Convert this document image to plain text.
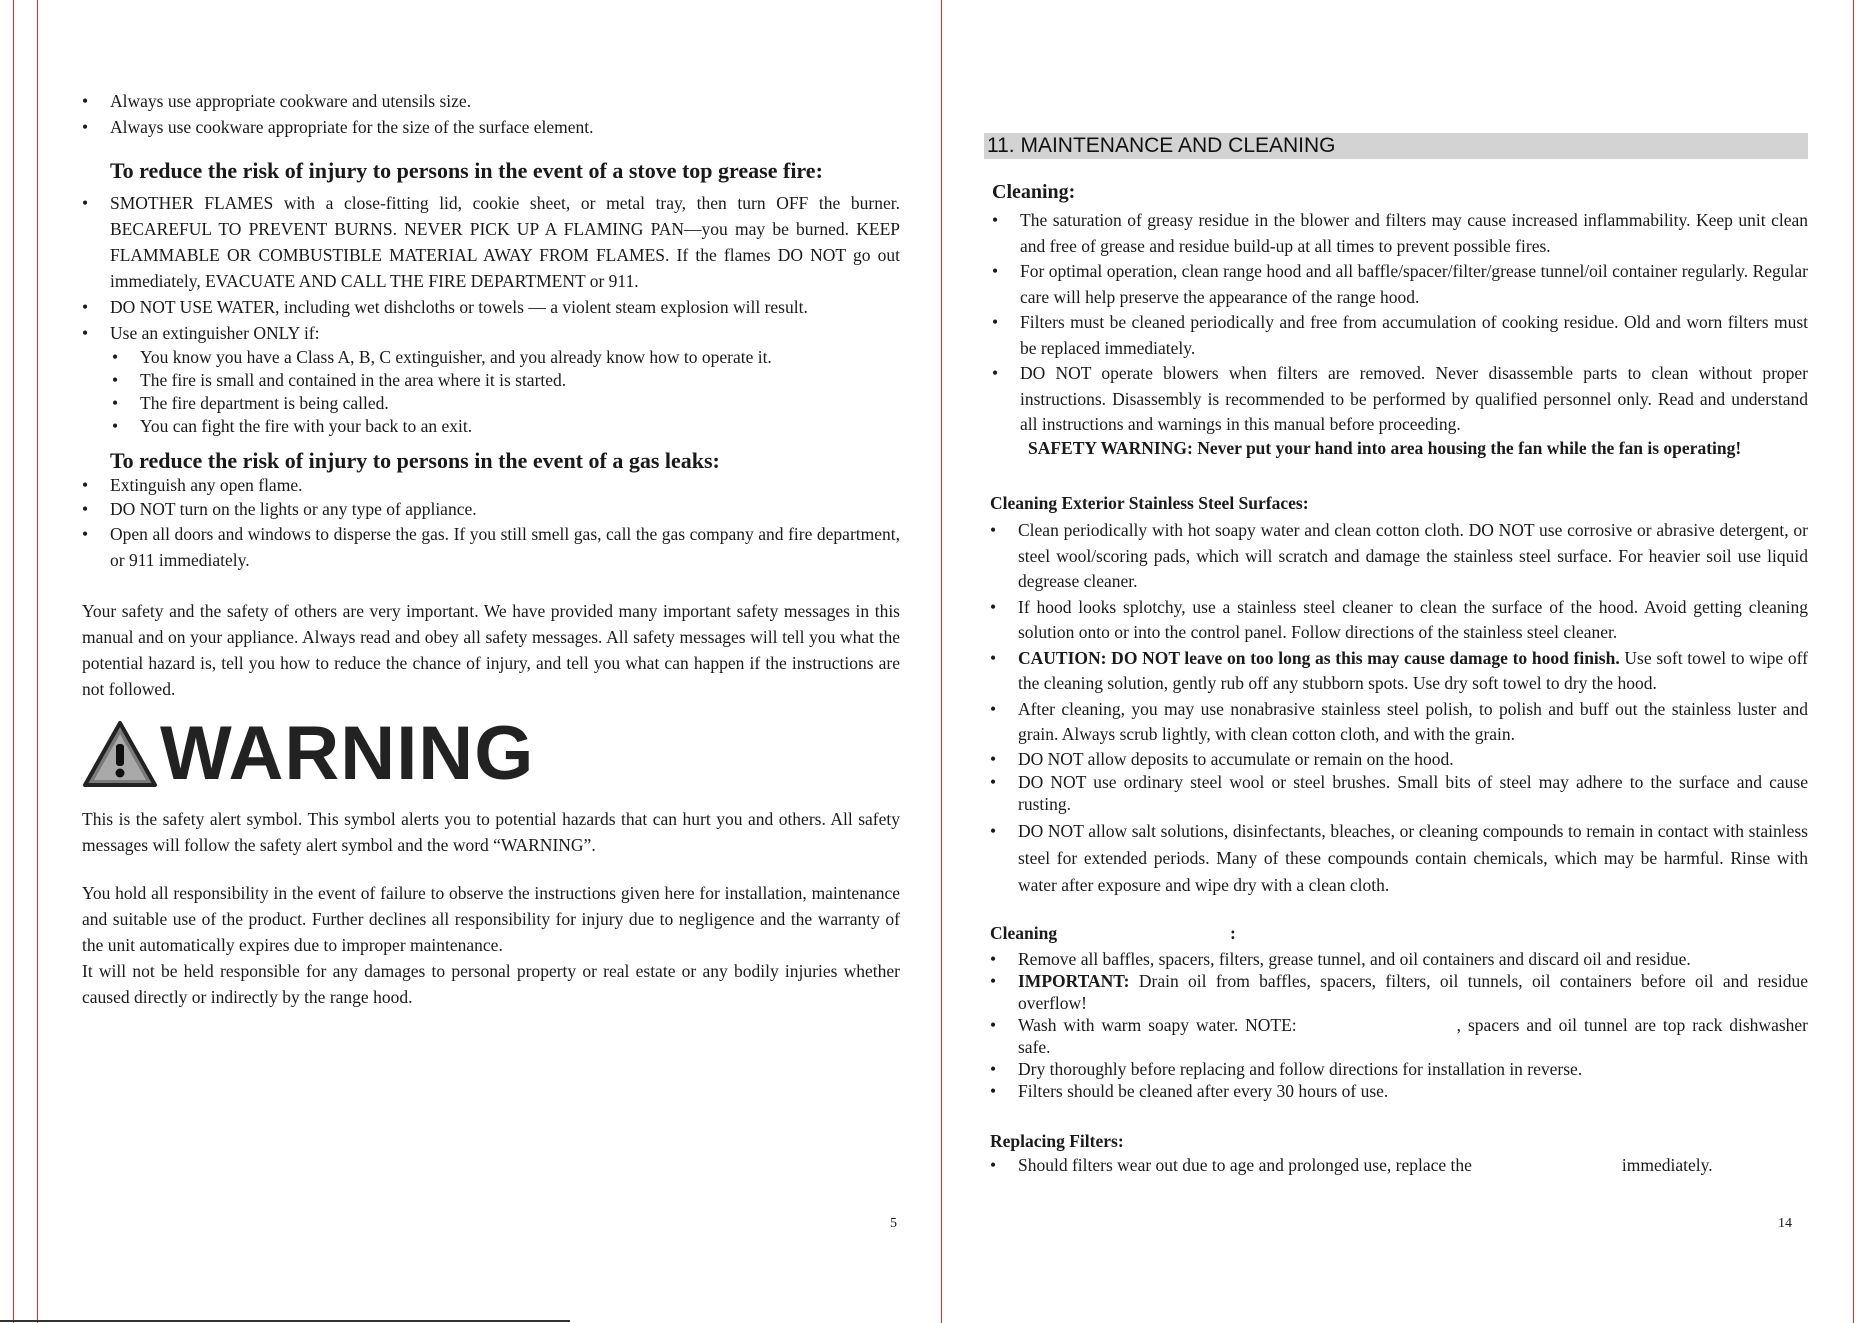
• Always use appropriate cookware and utensils size.
• Always use cookware appropriate for the size of the surface element.
To reduce the risk of injury to persons in the event of a stove top grease fire:
• SMOTHER FLAMES with a close-fitting lid, cookie sheet, or metal tray, then turn OFF the burner. BECAREFUL TO PREVENT BURNS. NEVER PICK UP A FLAMING PAN—you may be burned. KEEP FLAMMABLE OR COMBUSTIBLE MATERIAL AWAY FROM FLAMES. If the flames DO NOT go out immediately, EVACUATE AND CALL THE FIRE DEPARTMENT or 911.
• DO NOT USE WATER, including wet dishcloths or towels — a violent steam explosion will result.
• Use an extinguisher ONLY if:
• You know you have a Class A, B, C extinguisher, and you already know how to operate it.
• The fire is small and contained in the area where it is started.
• The fire department is being called.
• You can fight the fire with your back to an exit.
To reduce the risk of injury to persons in the event of a gas leaks:
• Extinguish any open flame.
• DO NOT turn on the lights or any type of appliance.
• Open all doors and windows to disperse the gas. If you still smell gas, call the gas company and fire department, or 911 immediately.

Your safety and the safety of others are very important. We have provided many important safety messages in this manual and on your appliance. Always read and obey all safety messages. All safety messages will tell you what the potential hazard is, tell you how to reduce the chance of injury, and tell you what can happen if the instructions are not followed.

WARNING

This is the safety alert symbol. This symbol alerts you to potential hazards that can hurt you and others. All safety messages will follow the safety alert symbol and the word “WARNING”.

You hold all responsibility in the event of failure to observe the instructions given here for installation, maintenance and suitable use of the product. Further declines all responsibility for injury due to negligence and the warranty of the unit automatically expires due to improper maintenance.

It will not be held responsible for any damages to personal property or real estate or any bodily injuries whether caused directly or indirectly by the range hood.

5
11. MAINTENANCE AND CLEANING
Cleaning:
• The saturation of greasy residue in the blower and filters may cause increased inflammability. Keep unit clean and free of grease and residue build-up at all times to prevent possible fires.
• For optimal operation, clean range hood and all baffle/spacer/filter/grease tunnel/oil container regularly. Regular care will help preserve the appearance of the range hood.
• Filters must be cleaned periodically and free from accumulation of cooking residue. Old and worn filters must be replaced immediately.
• DO NOT operate blowers when filters are removed. Never disassemble parts to clean without proper instructions. Disassembly is recommended to be performed by qualified personnel only. Read and understand all instructions and warnings in this manual before proceeding.
SAFETY WARNING: Never put your hand into area housing the fan while the fan is operating!
Cleaning Exterior Stainless Steel Surfaces:
• Clean periodically with hot soapy water and clean cotton cloth. DO NOT use corrosive or abrasive detergent, or steel wool/scoring pads, which will scratch and damage the stainless steel surface. For heavier soil use liquid degrease cleaner.
• If hood looks splotchy, use a stainless steel cleaner to clean the surface of the hood. Avoid getting cleaning solution onto or into the control panel. Follow directions of the stainless steel cleaner.
• CAUTION: DO NOT leave on too long as this may cause damage to hood finish. Use soft towel to wipe off the cleaning solution, gently rub off any stubborn spots. Use dry soft towel to dry the hood.
• After cleaning, you may use nonabrasive stainless steel polish, to polish and buff out the stainless luster and grain. Always scrub lightly, with clean cotton cloth, and with the grain.
• DO NOT allow deposits to accumulate or remain on the hood.
• DO NOT use ordinary steel wool or steel brushes. Small bits of steel may adhere to the surface and cause rusting.
• DO NOT allow salt solutions, disinfectants, bleaches, or cleaning compounds to remain in contact with stainless steel for extended periods. Many of these compounds contain chemicals, which may be harmful. Rinse with water after exposure and wipe dry with a clean cloth.
Cleaning	:
• Remove all baffles, spacers, filters, grease tunnel, and oil containers and discard oil and residue.
• IMPORTANT: Drain oil from baffles, spacers, filters, oil tunnels, oil containers before oil and residue overflow!
• Wash with warm soapy water. NOTE:	, spacers and oil tunnel are top rack dishwasher safe.
• Dry thoroughly before replacing and follow directions for installation in reverse.
• Filters should be cleaned after every 30 hours of use.
Replacing Filters:
• Should filters wear out due to age and prolonged use, replace the	immediately.
14
